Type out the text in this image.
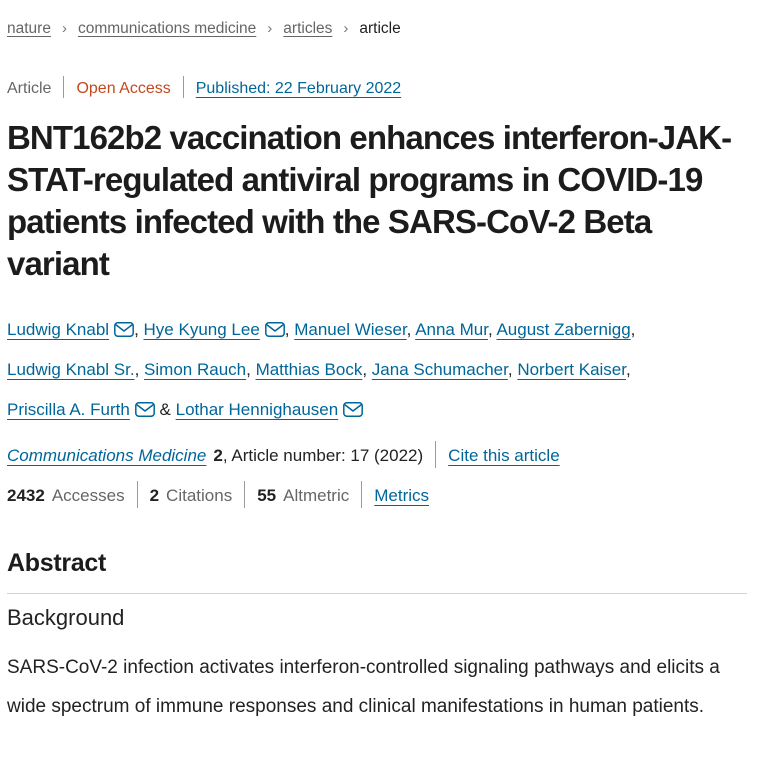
nature › communications medicine › articles › article
Article Open Access Published: 22 February 2022
BNT162b2 vaccination enhances interferon-JAK-STAT-regulated antiviral programs in COVID-19 patients infected with the SARS-CoV-2 Beta variant
Ludwig Knabl , Hye Kyung Lee , Manuel Wieser, Anna Mur, August Zabernigg, Ludwig Knabl Sr., Simon Rauch, Matthias Bock, Jana Schumacher, Norbert Kaiser, Priscilla A. Furth & Lothar Hennighausen
Communications Medicine 2, Article number: 17 (2022) Cite this article
2432 Accesses 2 Citations 55 Altmetric Metrics
Abstract
Background

SARS-CoV-2 infection activates interferon-controlled signaling pathways and elicits a wide spectrum of immune responses and clinical manifestations in human patients.
